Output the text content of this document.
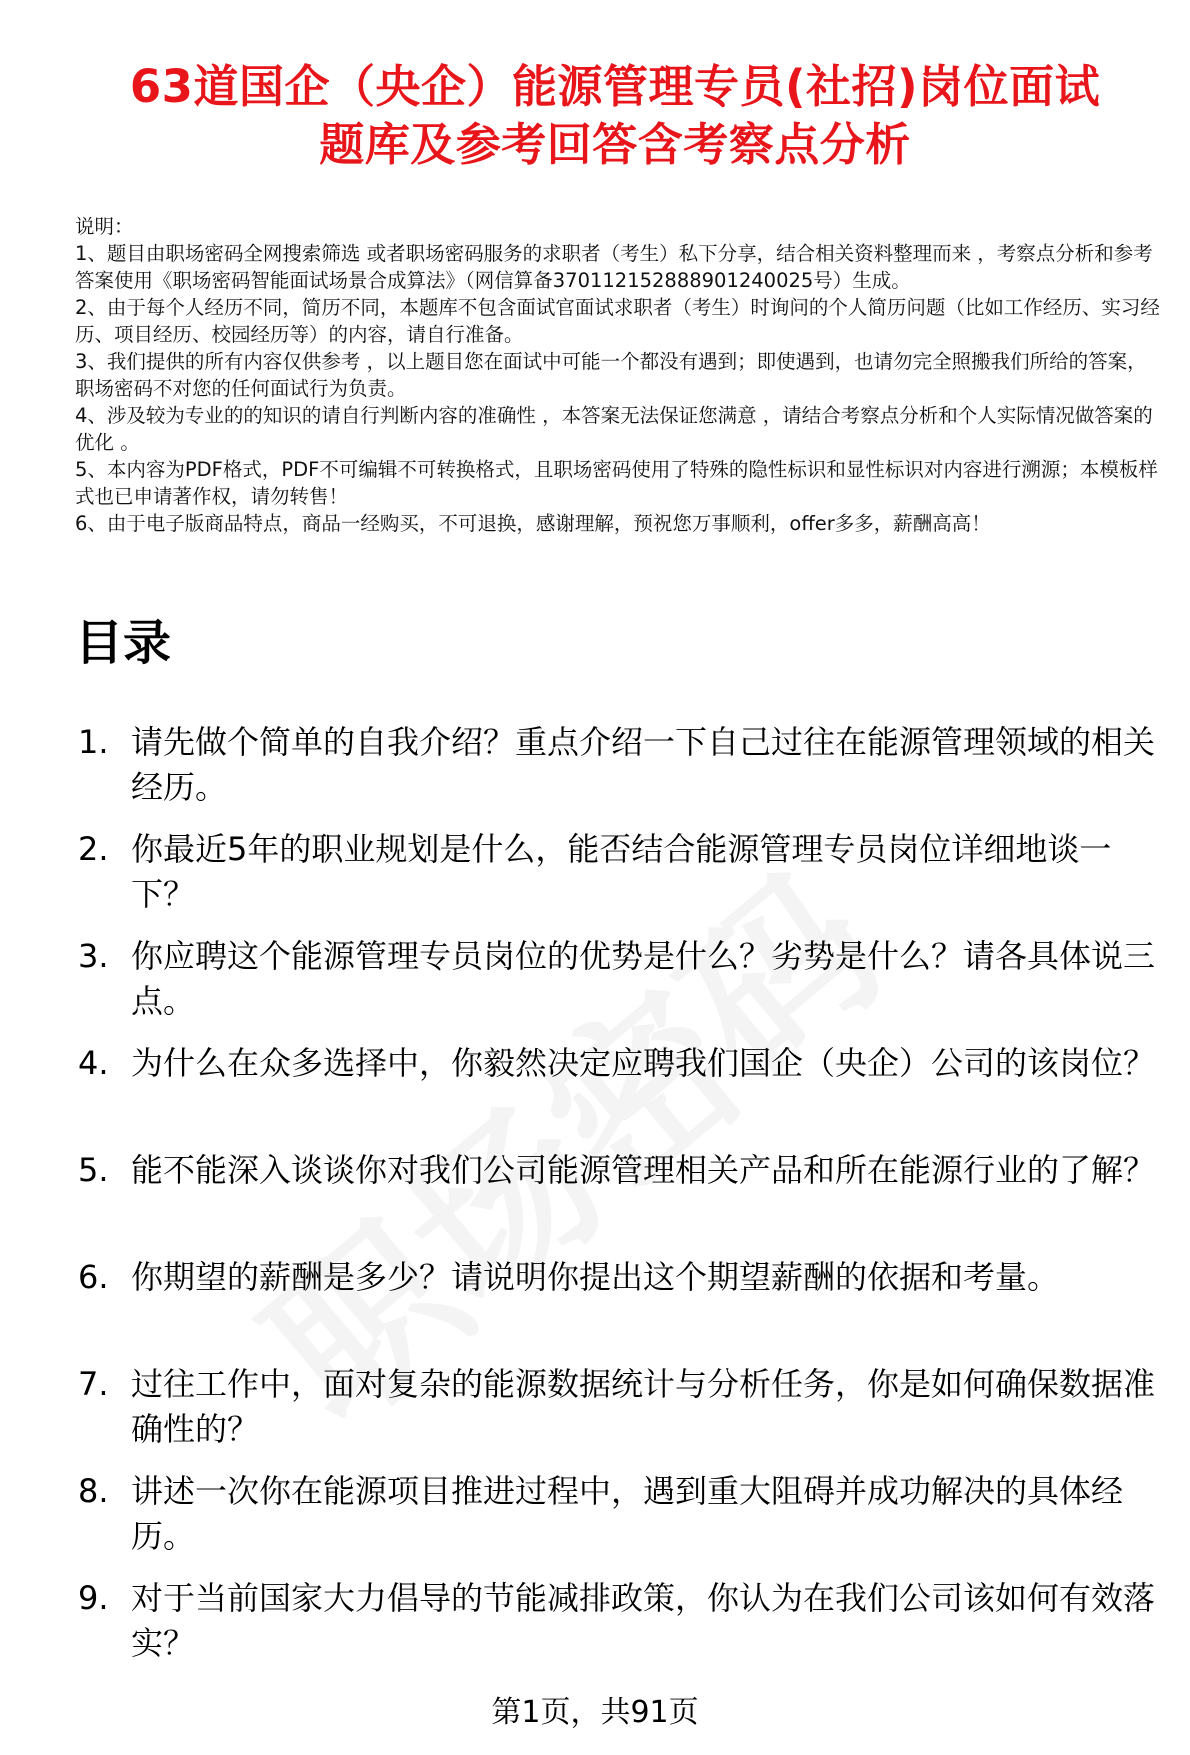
63道国企（央企）能源管理专员(社招)岗位面试
题库及参考回答含考察点分析

说明：

1、题目由职场密码全网搜索筛选 或者职场密码服务的求职者（考生）私下分享，结合相关资料整理而来 ，考察点分析和参考答案使用《职场密码智能面试场景合成算法》（网信算备370112152888901240025号）生成。

2、由于每个人经历不同，简历不同，本题库不包含面试官面试求职者（考生）时询问的个人简历问题（比如工作经历、实习经历、项目经历、校园经历等）的内容，请自行准备。

3、我们提供的所有内容仅供参考 ，以上题目您在面试中可能一个都没有遇到；即使遇到，也请勿完全照搬我们所给的答案，职场密码不对您的任何面试行为负责。

4、涉及较为专业的的知识的请自行判断内容的准确性 ，本答案无法保证您满意 ，请结合考察点分析和个人实际情况做答案的优化 。

5、本内容为PDF格式，PDF不可编辑不可转换格式，且职场密码使用了特殊的隐性标识和显性标识对内容进行溯源；本模板样式也已申请著作权，请勿转售！

6、由于电子版商品特点，商品一经购买，不可退换，感谢理解，预祝您万事顺利，offer多多，薪酬高高！

目录
1. 请先做个简单的自我介绍？重点介绍一下自己过往在能源管理领域的相关经历。
2. 你最近5年的职业规划是什么，能否结合能源管理专员岗位详细地谈一下？
3. 你应聘这个能源管理专员岗位的优势是什么？劣势是什么？请各具体说三点。
4. 为什么在众多选择中，你毅然决定应聘我们国企（央企）公司的该岗位？
5. 能不能深入谈谈你对我们公司能源管理相关产品和所在能源行业的了解？
6. 你期望的薪酬是多少？请说明你提出这个期望薪酬的依据和考量。
7. 过往工作中，面对复杂的能源数据统计与分析任务，你是如何确保数据准确性的？
8. 讲述一次你在能源项目推进过程中，遇到重大阻碍并成功解决的具体经历。
9. 对于当前国家大力倡导的节能减排政策，你认为在我们公司该如何有效落实？
第1页，共91页
